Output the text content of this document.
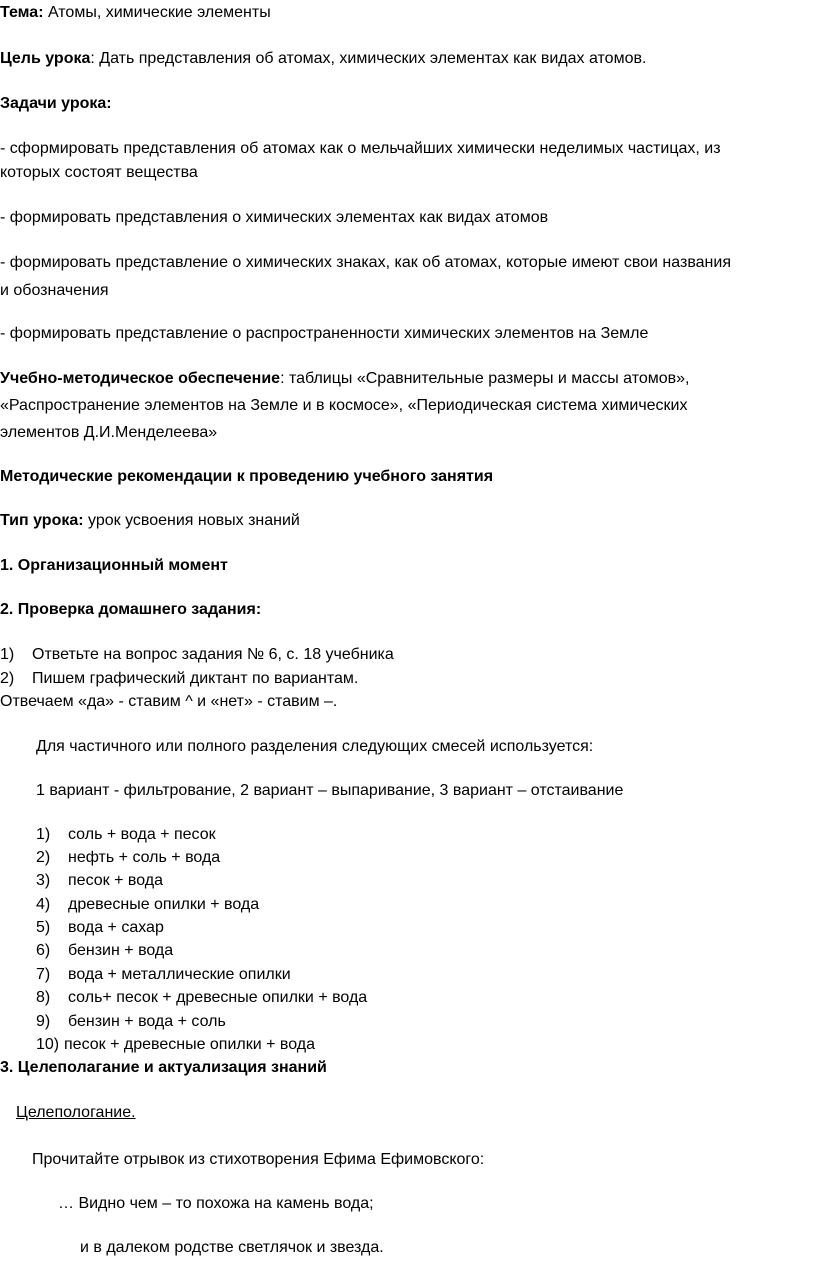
Тема: Атомы, химические элементы
Цель урока: Дать представления об атомах, химических элементах как видах атомов.
Задачи урока:
- сформировать представления об атомах как о мельчайших химически неделимых частицах, из
которых состоят вещества
- формировать представления о химических элементах как видах атомов
- формировать представление о химических знаках, как об атомах, которые имеют свои названия
и обозначения
- формировать представление о распространенности химических элементов на Земле
Учебно-методическое обеспечение: таблицы «Сравнительные размеры и массы атомов»,
«Распространение элементов на Земле и в космосе», «Периодическая система химических
элементов Д.И.Менделеева»
Методические рекомендации к проведению учебного занятия
Тип урока: урок усвоения новых знаний
1. Организационный момент
2. Проверка домашнего задания:
1) Ответьте на вопрос задания № 6, с. 18 учебника
2) Пишем графический диктант по вариантам.
Отвечаем «да» - ставим ^ и «нет» - ставим –.
Для частичного или полного разделения следующих смесей используется:
1 вариант - фильтрование, 2 вариант – выпаривание, 3 вариант – отстаивание
1) соль + вода + песок
2) нефть + соль + вода
3) песок + вода
4) древесные опилки + вода
5) вода + сахар
6) бензин + вода
7) вода + металлические опилки
8) соль+ песок + древесные опилки + вода
9) бензин + вода + соль
10) песок + древесные опилки + вода
3. Целеполагание и актуализация знаний
Целепологание.
Прочитайте отрывок из стихотворения Ефима Ефимовского:
… Видно чем – то похожа на камень вода;
и в далеком родстве светлячок и звезда.
